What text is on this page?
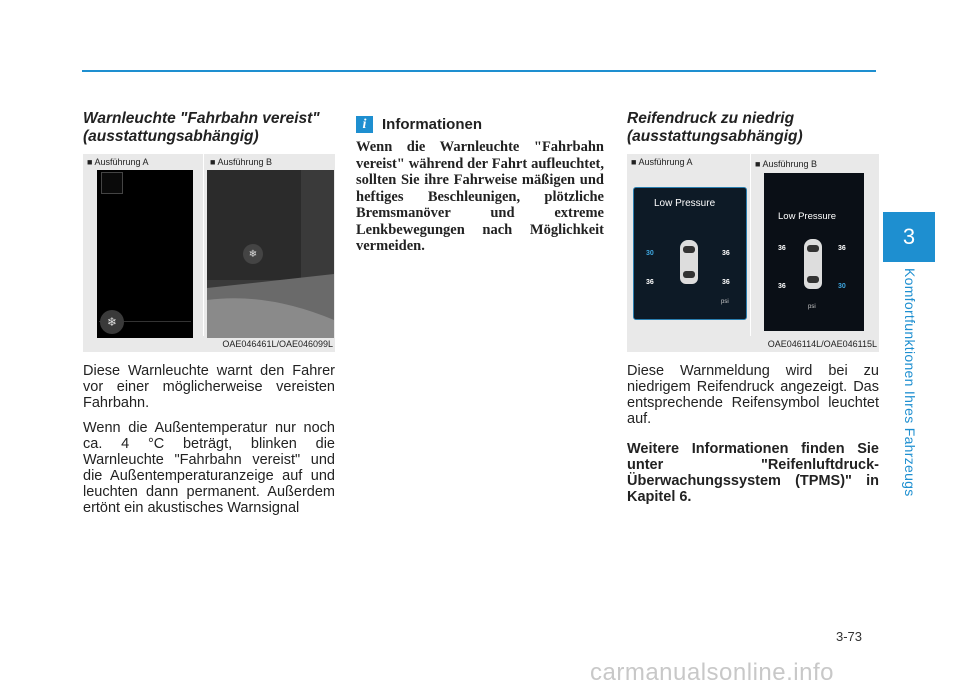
Warnleuchte "Fahrbahn vereist"
(ausstattungsabhängig)

■ Ausführung A	■ Ausführung B
❄
❄
OAE046461L/OAE046099L

Diese Warnleuchte warnt den Fahrer vor einer möglicherweise vereisten Fahrbahn.

Wenn die Außentemperatur nur noch ca. 4 °C beträgt, blinken die Warnleuchte "Fahrbahn vereist" und die Außentemperaturanzeige auf und leuchten dann permanent. Außerdem ertönt ein akustisches Warnsignal

i	Informationen

Wenn die Warnleuchte "Fahrbahn vereist" während der Fahrt aufleuchtet, sollten Sie ihre Fahrweise mäßigen und heftiges Beschleunigen, plötzliche Bremsmanöver und extreme Lenkbewegungen nach Möglichkeit vermeiden.

Reifendruck zu niedrig
(ausstattungsabhängig)

■ Ausführung A	■ Ausführung B
Low Pressure
30	36
36	36
psi
Low Pressure
36	36
36	30
psi
OAE046114L/OAE046115L

Diese Warnmeldung wird bei zu niedrigem Reifendruck angezeigt. Das entsprechende Reifensymbol leuchtet auf.

Weitere Informationen finden Sie unter "Reifenluftdruck-Überwachungssystem (TPMS)" in Kapitel 6.

3
Komfortfunktionen Ihres Fahrzeugs
3-73
carmanualsonline.info
